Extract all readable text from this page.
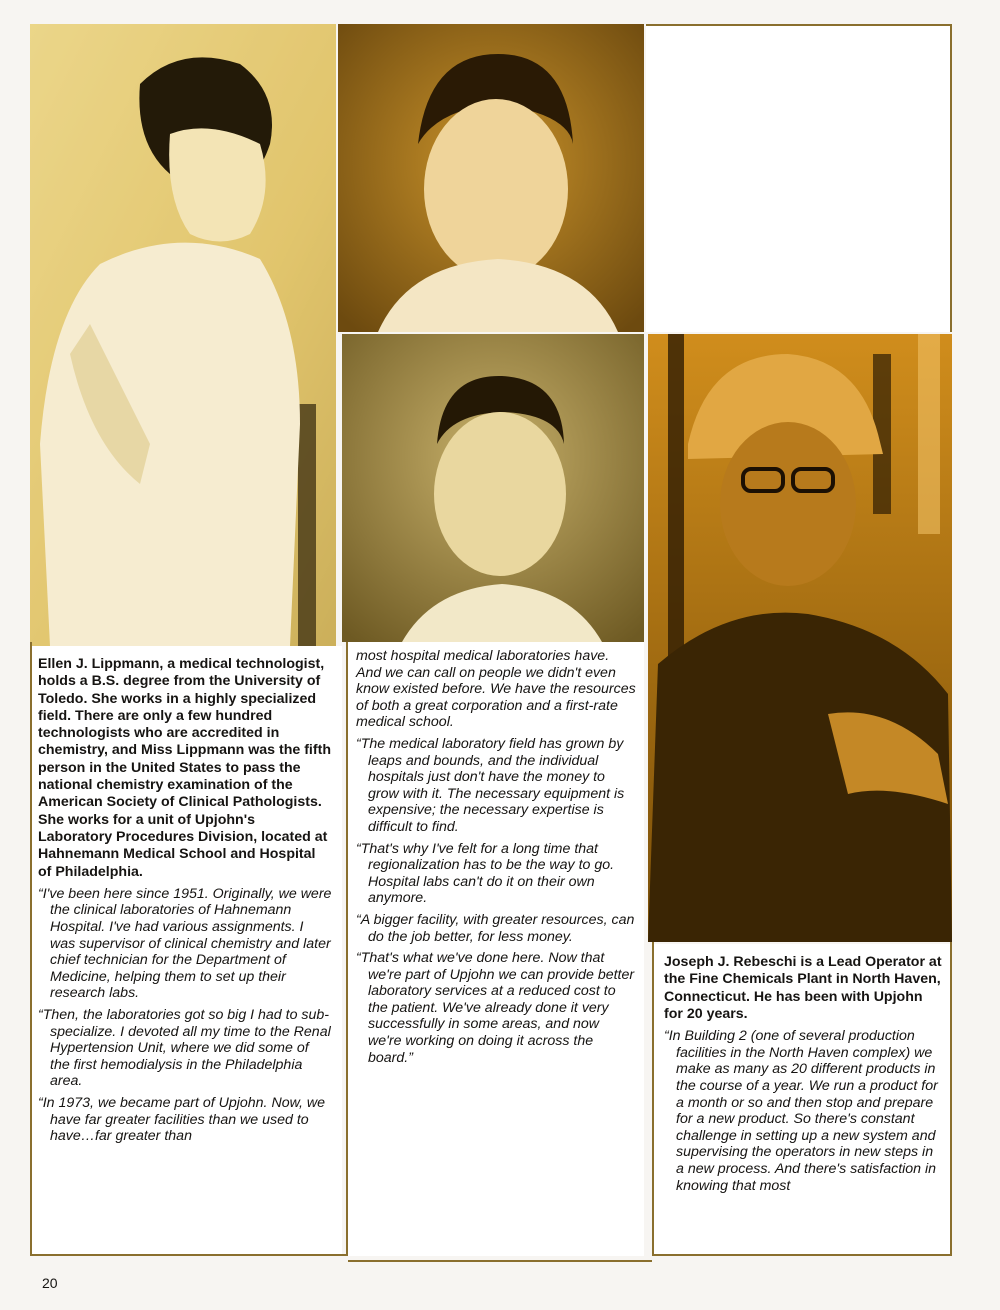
Ellen J. Lippmann, a medical technologist, holds a B.S. degree from the University of Toledo. She works in a highly specialized field. There are only a few hundred technologists who are accredited in chemistry, and Miss Lippmann was the fifth person in the United States to pass the national chemistry examination of the American Society of Clinical Pathologists. She works for a unit of Upjohn's Laboratory Procedures Division, located at Hahnemann Medical School and Hospital of Philadelphia.

“I've been here since 1951. Originally, we were the clinical laboratories of Hahnemann Hospital. I've had various assignments. I was supervisor of clinical chemistry and later chief technician for the Department of Medicine, helping them to set up their research labs.

“Then, the laboratories got so big I had to sub-specialize. I devoted all my time to the Renal Hypertension Unit, where we did some of the first hemodialysis in the Philadelphia area.

“In 1973, we became part of Upjohn. Now, we have far greater facilities than we used to have…far greater than

most hospital medical laboratories have. And we can call on people we didn't even know existed before. We have the resources of both a great corporation and a first-rate medical school.

“The medical laboratory field has grown by leaps and bounds, and the individual hospitals just don't have the money to grow with it. The necessary equipment is expensive; the necessary expertise is difficult to find.

“That's why I've felt for a long time that regionalization has to be the way to go. Hospital labs can't do it on their own anymore.

“A bigger facility, with greater resources, can do the job better, for less money.

“That's what we've done here. Now that we're part of Upjohn we can provide better laboratory services at a reduced cost to the patient. We've already done it very successfully in some areas, and now we're working on doing it across the board.”

Joseph J. Rebeschi is a Lead Operator at the Fine Chemicals Plant in North Haven, Connecticut. He has been with Upjohn for 20 years.

“In Building 2 (one of several production facilities in the North Haven complex) we make as many as 20 different products in the course of a year. We run a product for a month or so and then stop and prepare for a new product. So there's constant challenge in setting up a new system and supervising the operators in new steps in a new process. And there's satisfaction in knowing that most

20
